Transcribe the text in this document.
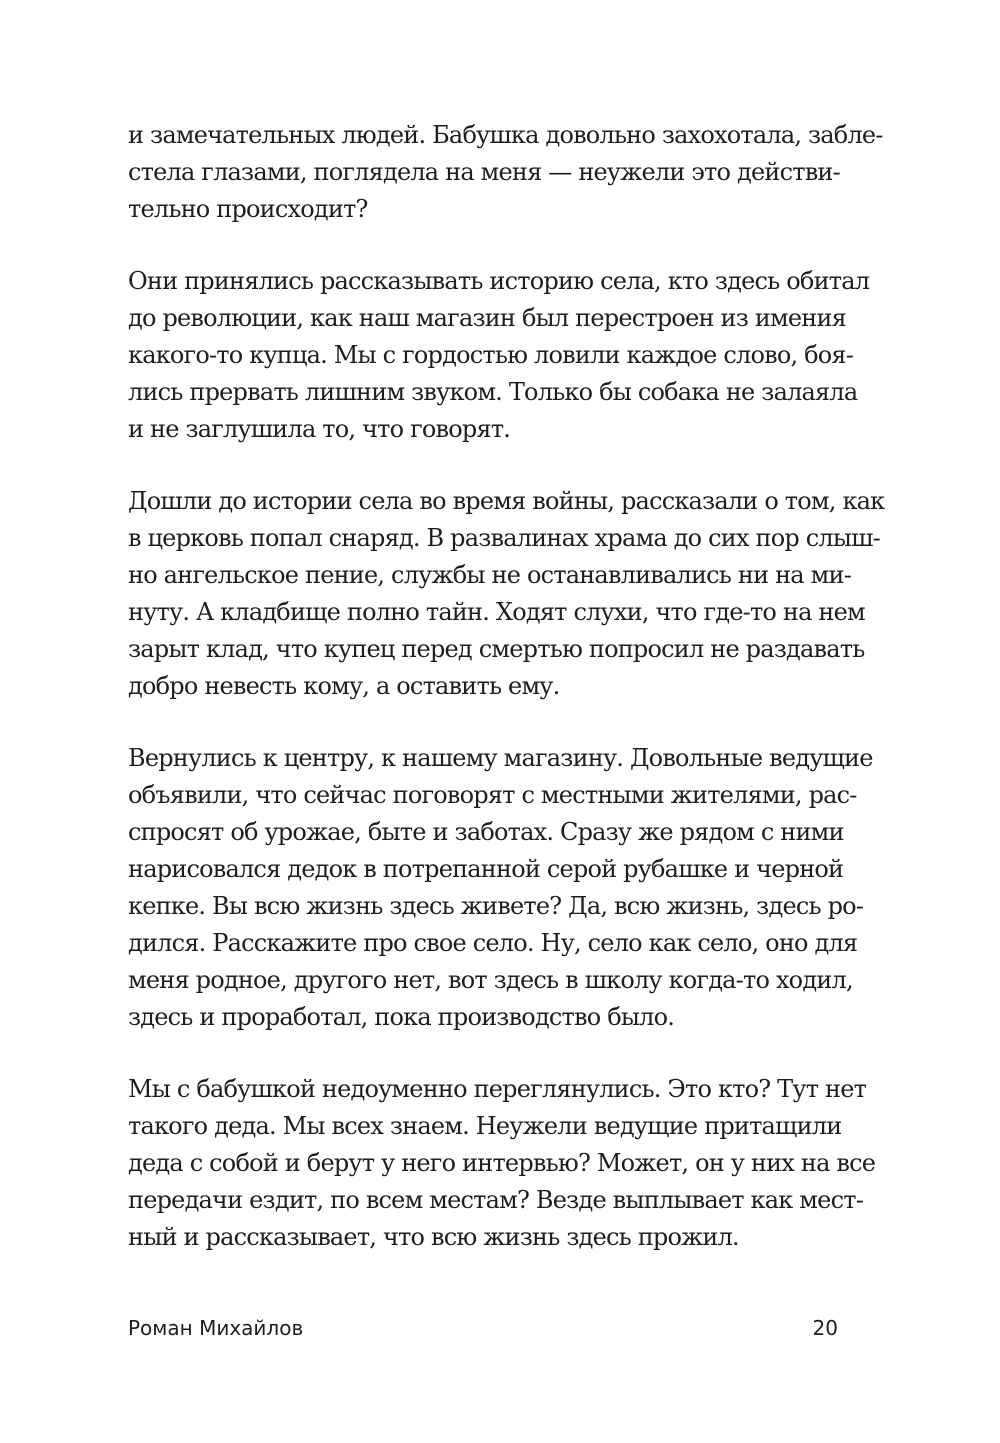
и замечательных людей. Бабушка довольно захохотала, забле-
стела глазами, поглядела на меня — неужели это действи-
тельно происходит?
Они принялись рассказывать историю села, кто здесь обитал
до революции, как наш магазин был перестроен из имения
какого-то купца. Мы с гордостью ловили каждое слово, боя-
лись прервать лишним звуком. Только бы собака не залаяла
и не заглушила то, что говорят.
Дошли до истории села во время войны, рассказали о том, как
в церковь попал снаряд. В развалинах храма до сих пор слыш-
но ангельское пение, службы не останавливались ни на ми-
нуту. А кладбище полно тайн. Ходят слухи, что где-то на нем
зарыт клад, что купец перед смертью попросил не раздавать
добро невесть кому, а оставить ему.
Вернулись к центру, к нашему магазину. Довольные ведущие
объявили, что сейчас поговорят с местными жителями, рас-
спросят об урожае, быте и заботах. Сразу же рядом с ними
нарисовался дедок в потрепанной серой рубашке и черной
кепке. Вы всю жизнь здесь живете? Да, всю жизнь, здесь ро-
дился. Расскажите про свое село. Ну, село как село, оно для
меня родное, другого нет, вот здесь в школу когда-то ходил,
здесь и проработал, пока производство было.
Мы с бабушкой недоуменно переглянулись. Это кто? Тут нет
такого деда. Мы всех знаем. Неужели ведущие притащили
деда с собой и берут у него интервью? Может, он у них на все
передачи ездит, по всем местам? Везде выплывает как мест-
ный и рассказывает, что всю жизнь здесь прожил.
Роман Михайлов	20
